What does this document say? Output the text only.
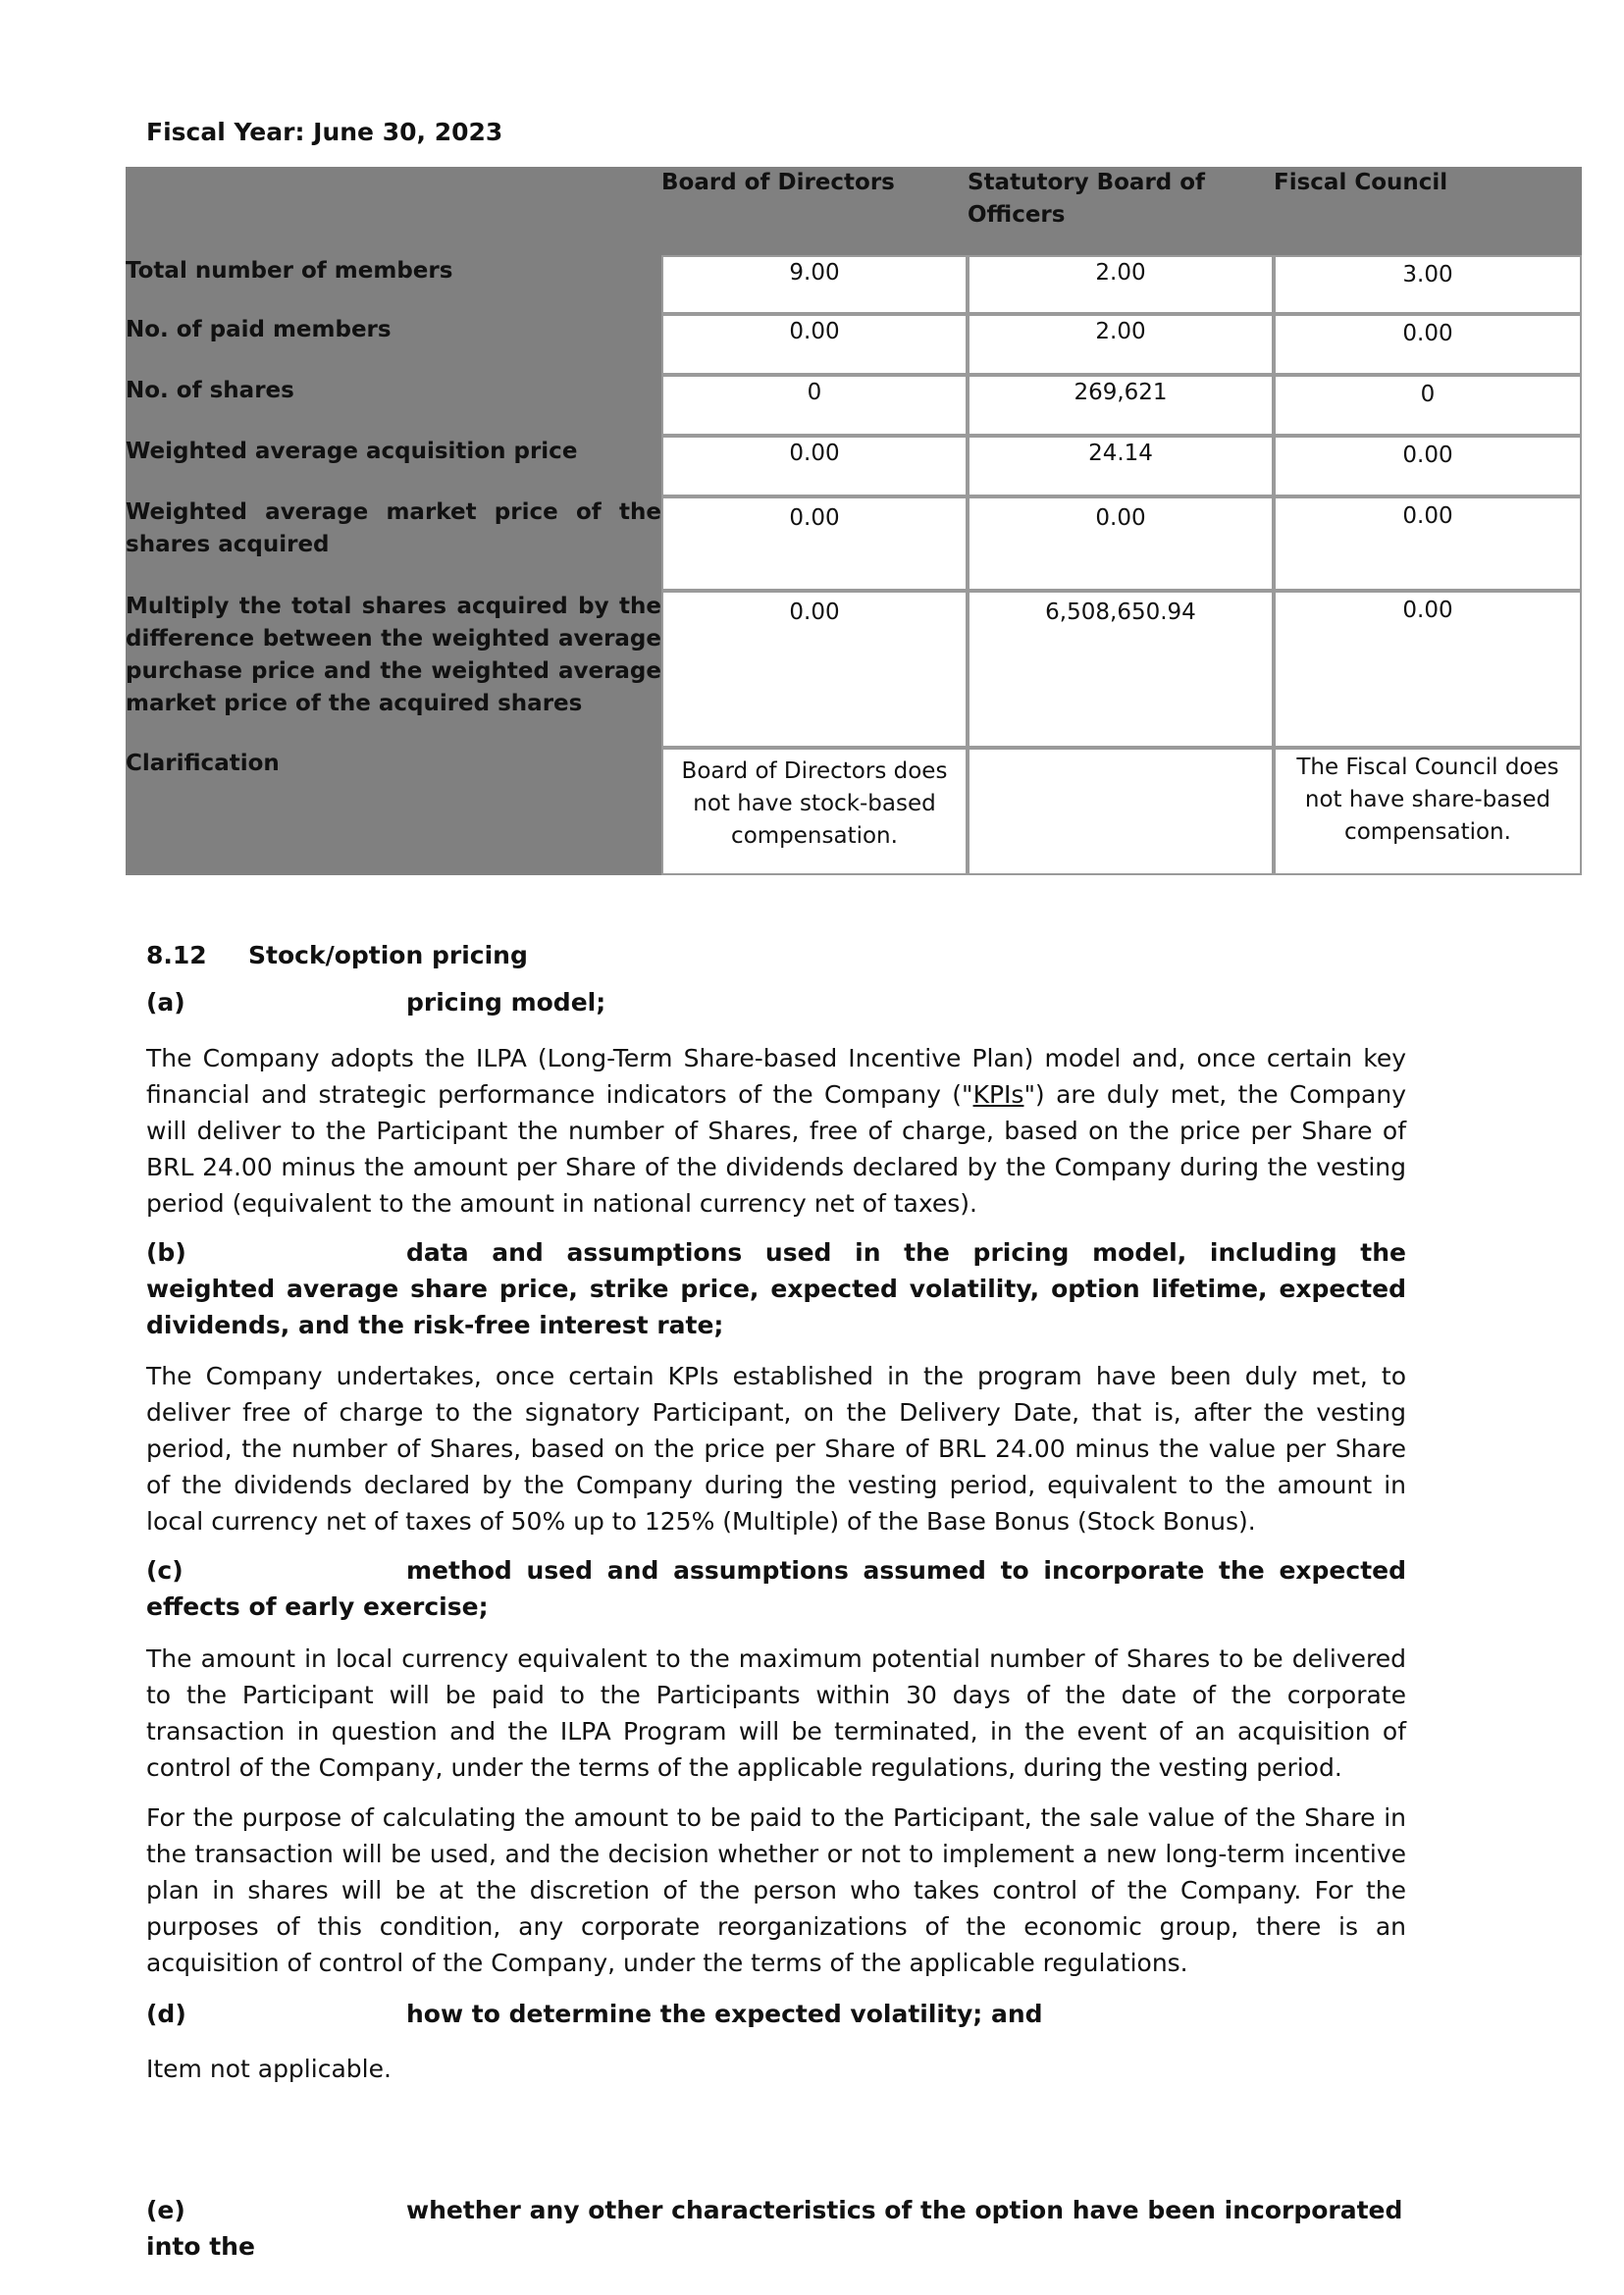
Fiscal Year: June 30, 2023
	Board of Directors	Statutory Board of Officers	Fiscal Council
Total number of members	9.00	2.00	3.00
No. of paid members	0.00	2.00	0.00
No. of shares	0	269,621	0
Weighted average acquisition price	0.00	24.14	0.00
Weighted average market price of the shares acquired	0.00	0.00	0.00
Multiply the total shares acquired by the difference between the weighted average purchase price and the weighted average market price of the acquired shares	0.00	6,508,650.94	0.00
Clarification	Board of Directors does not have stock-based compensation.		The Fiscal Council does not have share-based compensation.
8.12 Stock/option pricing
(a)	pricing model;

The Company adopts the ILPA (Long-Term Share-based Incentive Plan) model and, once certain key financial and strategic performance indicators of the Company ("KPIs") are duly met, the Company will deliver to the Participant the number of Shares, free of charge, based on the price per Share of BRL 24.00 minus the amount per Share of the dividends declared by the Company during the vesting period (equivalent to the amount in national currency net of taxes).

(b)	data and assumptions used in the pricing model, including the weighted average share price, strike price, expected volatility, option lifetime, expected dividends, and the risk-free interest rate;

The Company undertakes, once certain KPIs established in the program have been duly met, to deliver free of charge to the signatory Participant, on the Delivery Date, that is, after the vesting period, the number of Shares, based on the price per Share of BRL 24.00 minus the value per Share of the dividends declared by the Company during the vesting period, equivalent to the amount in local currency net of taxes of 50% up to 125% (Multiple) of the Base Bonus (Stock Bonus).

(c)	method used and assumptions assumed to incorporate the expected effects of early exercise;

The amount in local currency equivalent to the maximum potential number of Shares to be delivered to the Participant will be paid to the Participants within 30 days of the date of the corporate transaction in question and the ILPA Program will be terminated, in the event of an acquisition of control of the Company, under the terms of the applicable regulations, during the vesting period.

For the purpose of calculating the amount to be paid to the Participant, the sale value of the Share in the transaction will be used, and the decision whether or not to implement a new long-term incentive plan in shares will be at the discretion of the person who takes control of the Company. For the purposes of this condition, any corporate reorganizations of the economic group, there is an acquisition of control of the Company, under the terms of the applicable regulations.

(d)	how to determine the expected volatility; and

Item not applicable.

(e)	whether any other characteristics of the option have been incorporated into the
